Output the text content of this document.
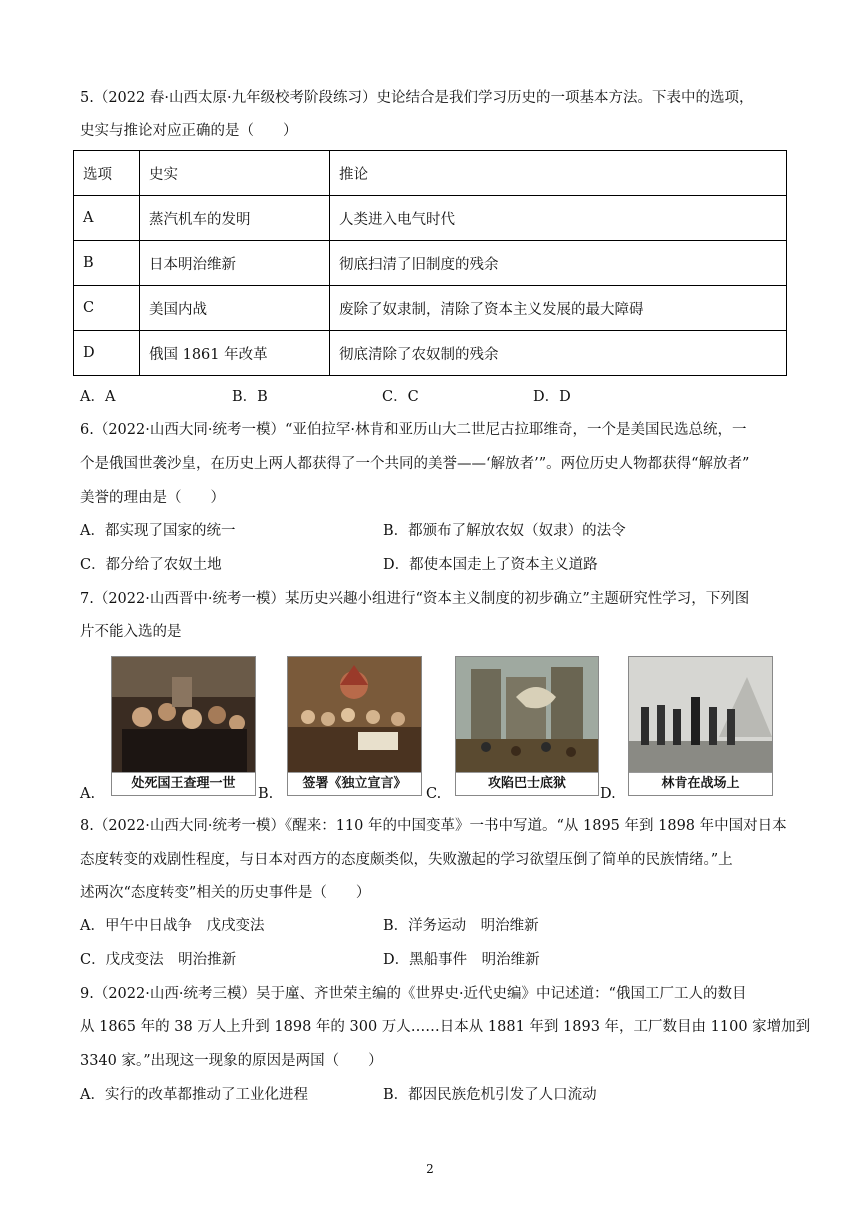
5.（2022 春·山西太原·九年级校考阶段练习）史论结合是我们学习历史的一项基本方法。下表中的选项，
史实与推论对应正确的是（　　）
选项	史实	推论
A	蒸汽机车的发明	人类进入电气时代
B	日本明治维新	彻底扫清了旧制度的残余
C	美国内战	废除了奴隶制，清除了资本主义发展的最大障碍
D	俄国 1861 年改革	彻底清除了农奴制的残余
A．A	B．B	C．C	D．D
6.（2022·山西大同·统考一模）“亚伯拉罕·林肯和亚历山大二世尼古拉耶维奇，一个是美国民选总统，一
个是俄国世袭沙皇，在历史上两人都获得了一个共同的美誉——‘解放者’”。两位历史人物都获得“解放者”
美誉的理由是（　　）
A．都实现了国家的统一	B．都颁布了解放农奴（奴隶）的法令
C．都分给了农奴土地	D．都使本国走上了资本主义道路
7.（2022·山西晋中·统考一模）某历史兴趣小组进行“资本主义制度的初步确立”主题研究性学习，下列图
片不能入选的是
A.
处死国王查理一世
B.
签署《独立宣言》
C.
攻陷巴士底狱
D.
林肯在战场上
8.（2022·山西大同·统考一模）《醒来：110 年的中国变革》一书中写道。“从 1895 年到 1898 年中国对日本
态度转变的戏剧性程度，与日本对西方的态度颇类似，失败激起的学习欲望压倒了简单的民族情绪。”上
述两次“态度转变”相关的历史事件是（　　）
A．甲午中日战争　戊戌变法	B．洋务运动　明治维新
C．戊戌变法　明治推新	D．黑船事件　明治维新
9.（2022·山西·统考三模）吴于廑、齐世荣主编的《世界史·近代史编》中记述道：“俄国工厂工人的数目
从 1865 年的 38 万人上升到 1898 年的 300 万人……日本从 1881 年到 1893 年，工厂数目由 1100 家增加到
3340 家。”出现这一现象的原因是两国（　　）
A．实行的改革都推动了工业化进程	B．都因民族危机引发了人口流动
2
